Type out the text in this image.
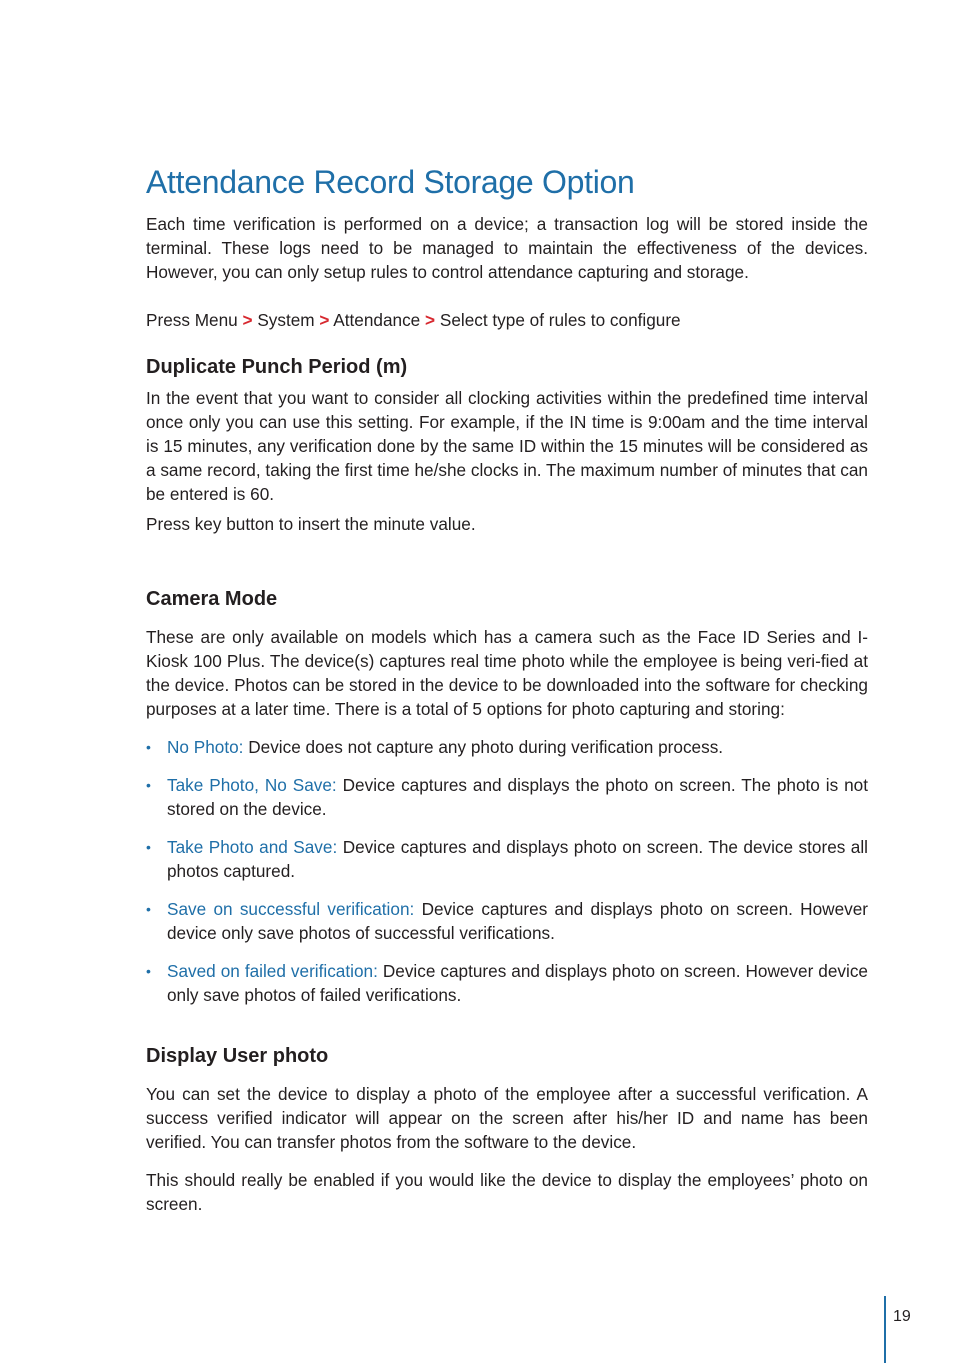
Attendance Record Storage Option

Each time verification is performed on a device; a transaction log will be stored inside the terminal. These logs need to be managed to maintain the effectiveness of the devices. However, you can only setup rules to control attendance capturing and storage.

Press Menu > System > Attendance > Select type of rules to configure

Duplicate Punch Period (m)

In the event that you want to consider all clocking activities within the predefined time interval once only you can use this setting. For example, if the IN time is 9:00am and the time interval is 15 minutes, any verification done by the same ID within the 15 minutes will be considered as a same record, taking the first time he/she clocks in. The maximum number of minutes that can be entered is 60.

Press key button to insert the minute value.

Camera Mode

These are only available on models which has a camera such as the Face ID Series and I-Kiosk 100 Plus. The device(s) captures real time photo while the employee is being veri-fied at the device. Photos can be stored in the device to be downloaded into the software for checking purposes at a later time. There is a total of 5 options for photo capturing and storing:

• No Photo: Device does not capture any photo during verification process.
• Take Photo, No Save: Device captures and displays the photo on screen. The photo is not stored on the device.
• Take Photo and Save: Device captures and displays photo on screen. The device stores all photos captured.
• Save on successful verification: Device captures and displays photo on screen. However device only save photos of successful verifications.
• Saved on failed verification: Device captures and displays photo on screen. However device only save photos of failed verifications.
Display User photo

You can set the device to display a photo of the employee after a successful verification. A success verified indicator will appear on the screen after his/her ID and name has been verified. You can transfer photos from the software to the device.

This should really be enabled if you would like the device to display the employees’ photo on screen.

19
